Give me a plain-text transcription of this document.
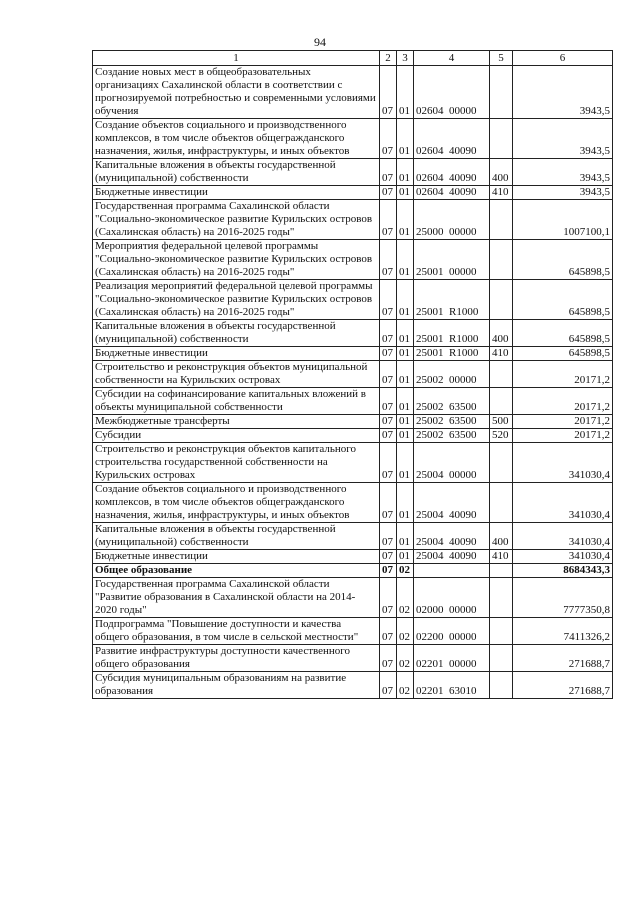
94
1	2	3	4	5	6
Создание новых мест в общеобразовательных организациях Сахалинской области в соответствии с прогнозируемой потребностью и современными условиями обучения	07	01	02604  00000		3943,5
Создание объектов социального и производственного комплексов, в том числе объектов общегражданского назначения, жилья, инфраструктуры, и иных объектов	07	01	02604  40090		3943,5
Капитальные вложения в объекты государственной (муниципальной) собственности	07	01	02604  40090	400	3943,5
Бюджетные инвестиции	07	01	02604  40090	410	3943,5
Государственная программа Сахалинской области "Социально-экономическое развитие Курильских островов (Сахалинская область) на 2016-2025 годы"	07	01	25000  00000		1007100,1
Мероприятия федеральной целевой программы "Социально-экономическое развитие Курильских островов (Сахалинская область) на 2016-2025 годы"	07	01	25001  00000		645898,5
Реализация мероприятий федеральной целевой программы "Социально-экономическое развитие Курильских островов (Сахалинская область) на 2016-2025 годы"	07	01	25001  R1000		645898,5
Капитальные вложения в объекты государственной (муниципальной) собственности	07	01	25001  R1000	400	645898,5
Бюджетные инвестиции	07	01	25001  R1000	410	645898,5
Строительство и реконструкция объектов муниципальной собственности на Курильских островах	07	01	25002  00000		20171,2
Субсидии на софинансирование капитальных вложений в объекты муниципальной собственности	07	01	25002  63500		20171,2
Межбюджетные трансферты	07	01	25002  63500	500	20171,2
Субсидии	07	01	25002  63500	520	20171,2
Строительство и реконструкция объектов капитального строительства государственной собственности на Курильских островах	07	01	25004  00000		341030,4
Создание объектов социального и производственного комплексов, в том числе объектов общегражданского назначения, жилья, инфраструктуры, и иных объектов	07	01	25004  40090		341030,4
Капитальные вложения в объекты государственной (муниципальной) собственности	07	01	25004  40090	400	341030,4
Бюджетные инвестиции	07	01	25004  40090	410	341030,4
Общее образование	07	02			8684343,3
Государственная программа Сахалинской области "Развитие образования в Сахалинской области на 2014-2020 годы"	07	02	02000  00000		7777350,8
Подпрограмма "Повышение доступности и качества общего образования, в том числе в сельской местности"	07	02	02200  00000		7411326,2
Развитие инфраструктуры доступности качественного общего образования	07	02	02201  00000		271688,7
Субсидия муниципальным образованиям на развитие образования	07	02	02201  63010		271688,7
